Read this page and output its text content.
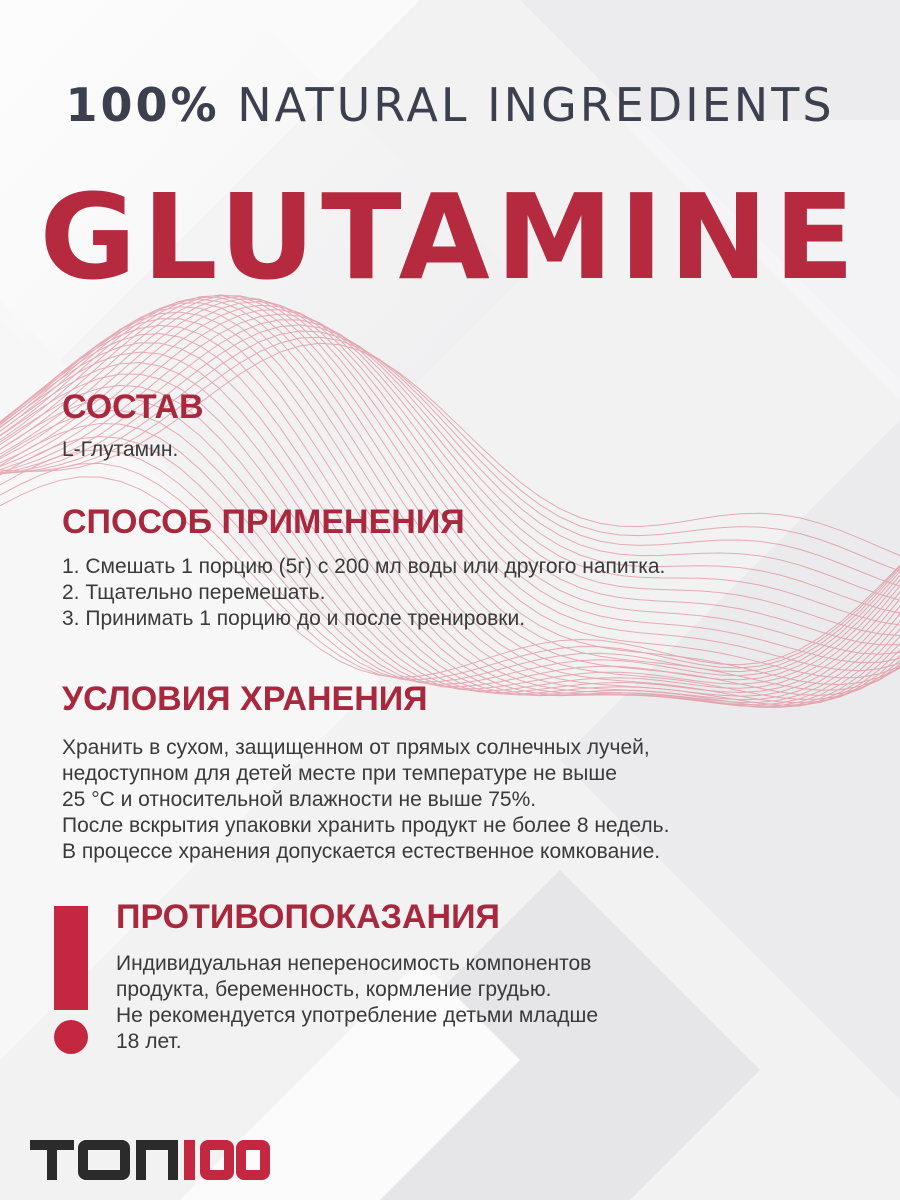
100% NATURAL INGREDIENTS
GLUTAMINE
СОСТАВ
L-Глутамин.
СПОСОБ ПРИМЕНЕНИЯ
1. Смешать 1 порцию (5г) с 200 мл воды или другого напитка.
2. Тщательно перемешать.
3. Принимать 1 порцию до и после тренировки.
УСЛОВИЯ ХРАНЕНИЯ
Хранить в сухом, защищенном от прямых солнечных лучей,
недоступном для детей месте при температуре не выше
25 °C и относительной влажности не выше 75%.
После вскрытия упаковки хранить продукт не более 8 недель.
В процессе хранения допускается естественное комкование.
ПРОТИВОПОКАЗАНИЯ
Индивидуальная непереносимость компонентов
продукта, беременность, кормление грудью.
Не рекомендуется употребление детьми младше
18 лет.
